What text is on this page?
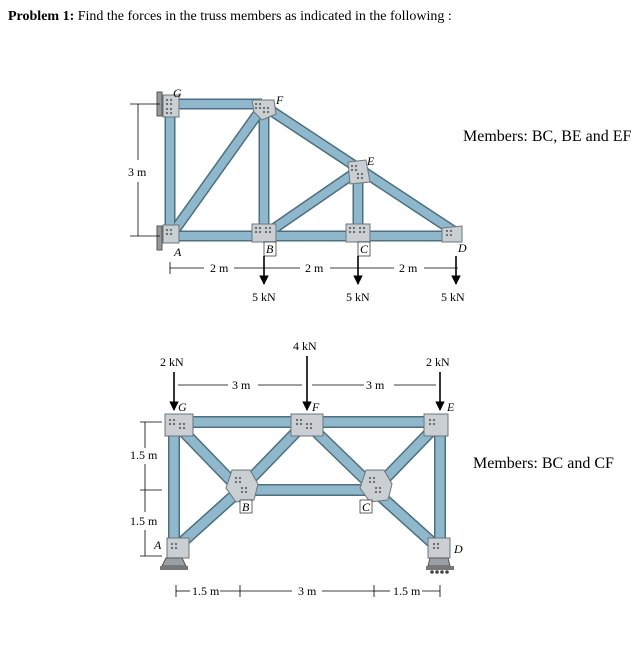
Problem 1: Find the forces in the truss members as indicated in the following :
Members: BC, BE and EF
Members: BC and CF
G	F
E
A	B	C	D
3 m
2 m	2 m	2 m
5 kN	5 kN	5 kN
G	F	E
B	C
A	D
2 kN
4 kN
2 kN
3 m	3 m
1.5 m
1.5 m
1.5 m	3 m	1.5 m
